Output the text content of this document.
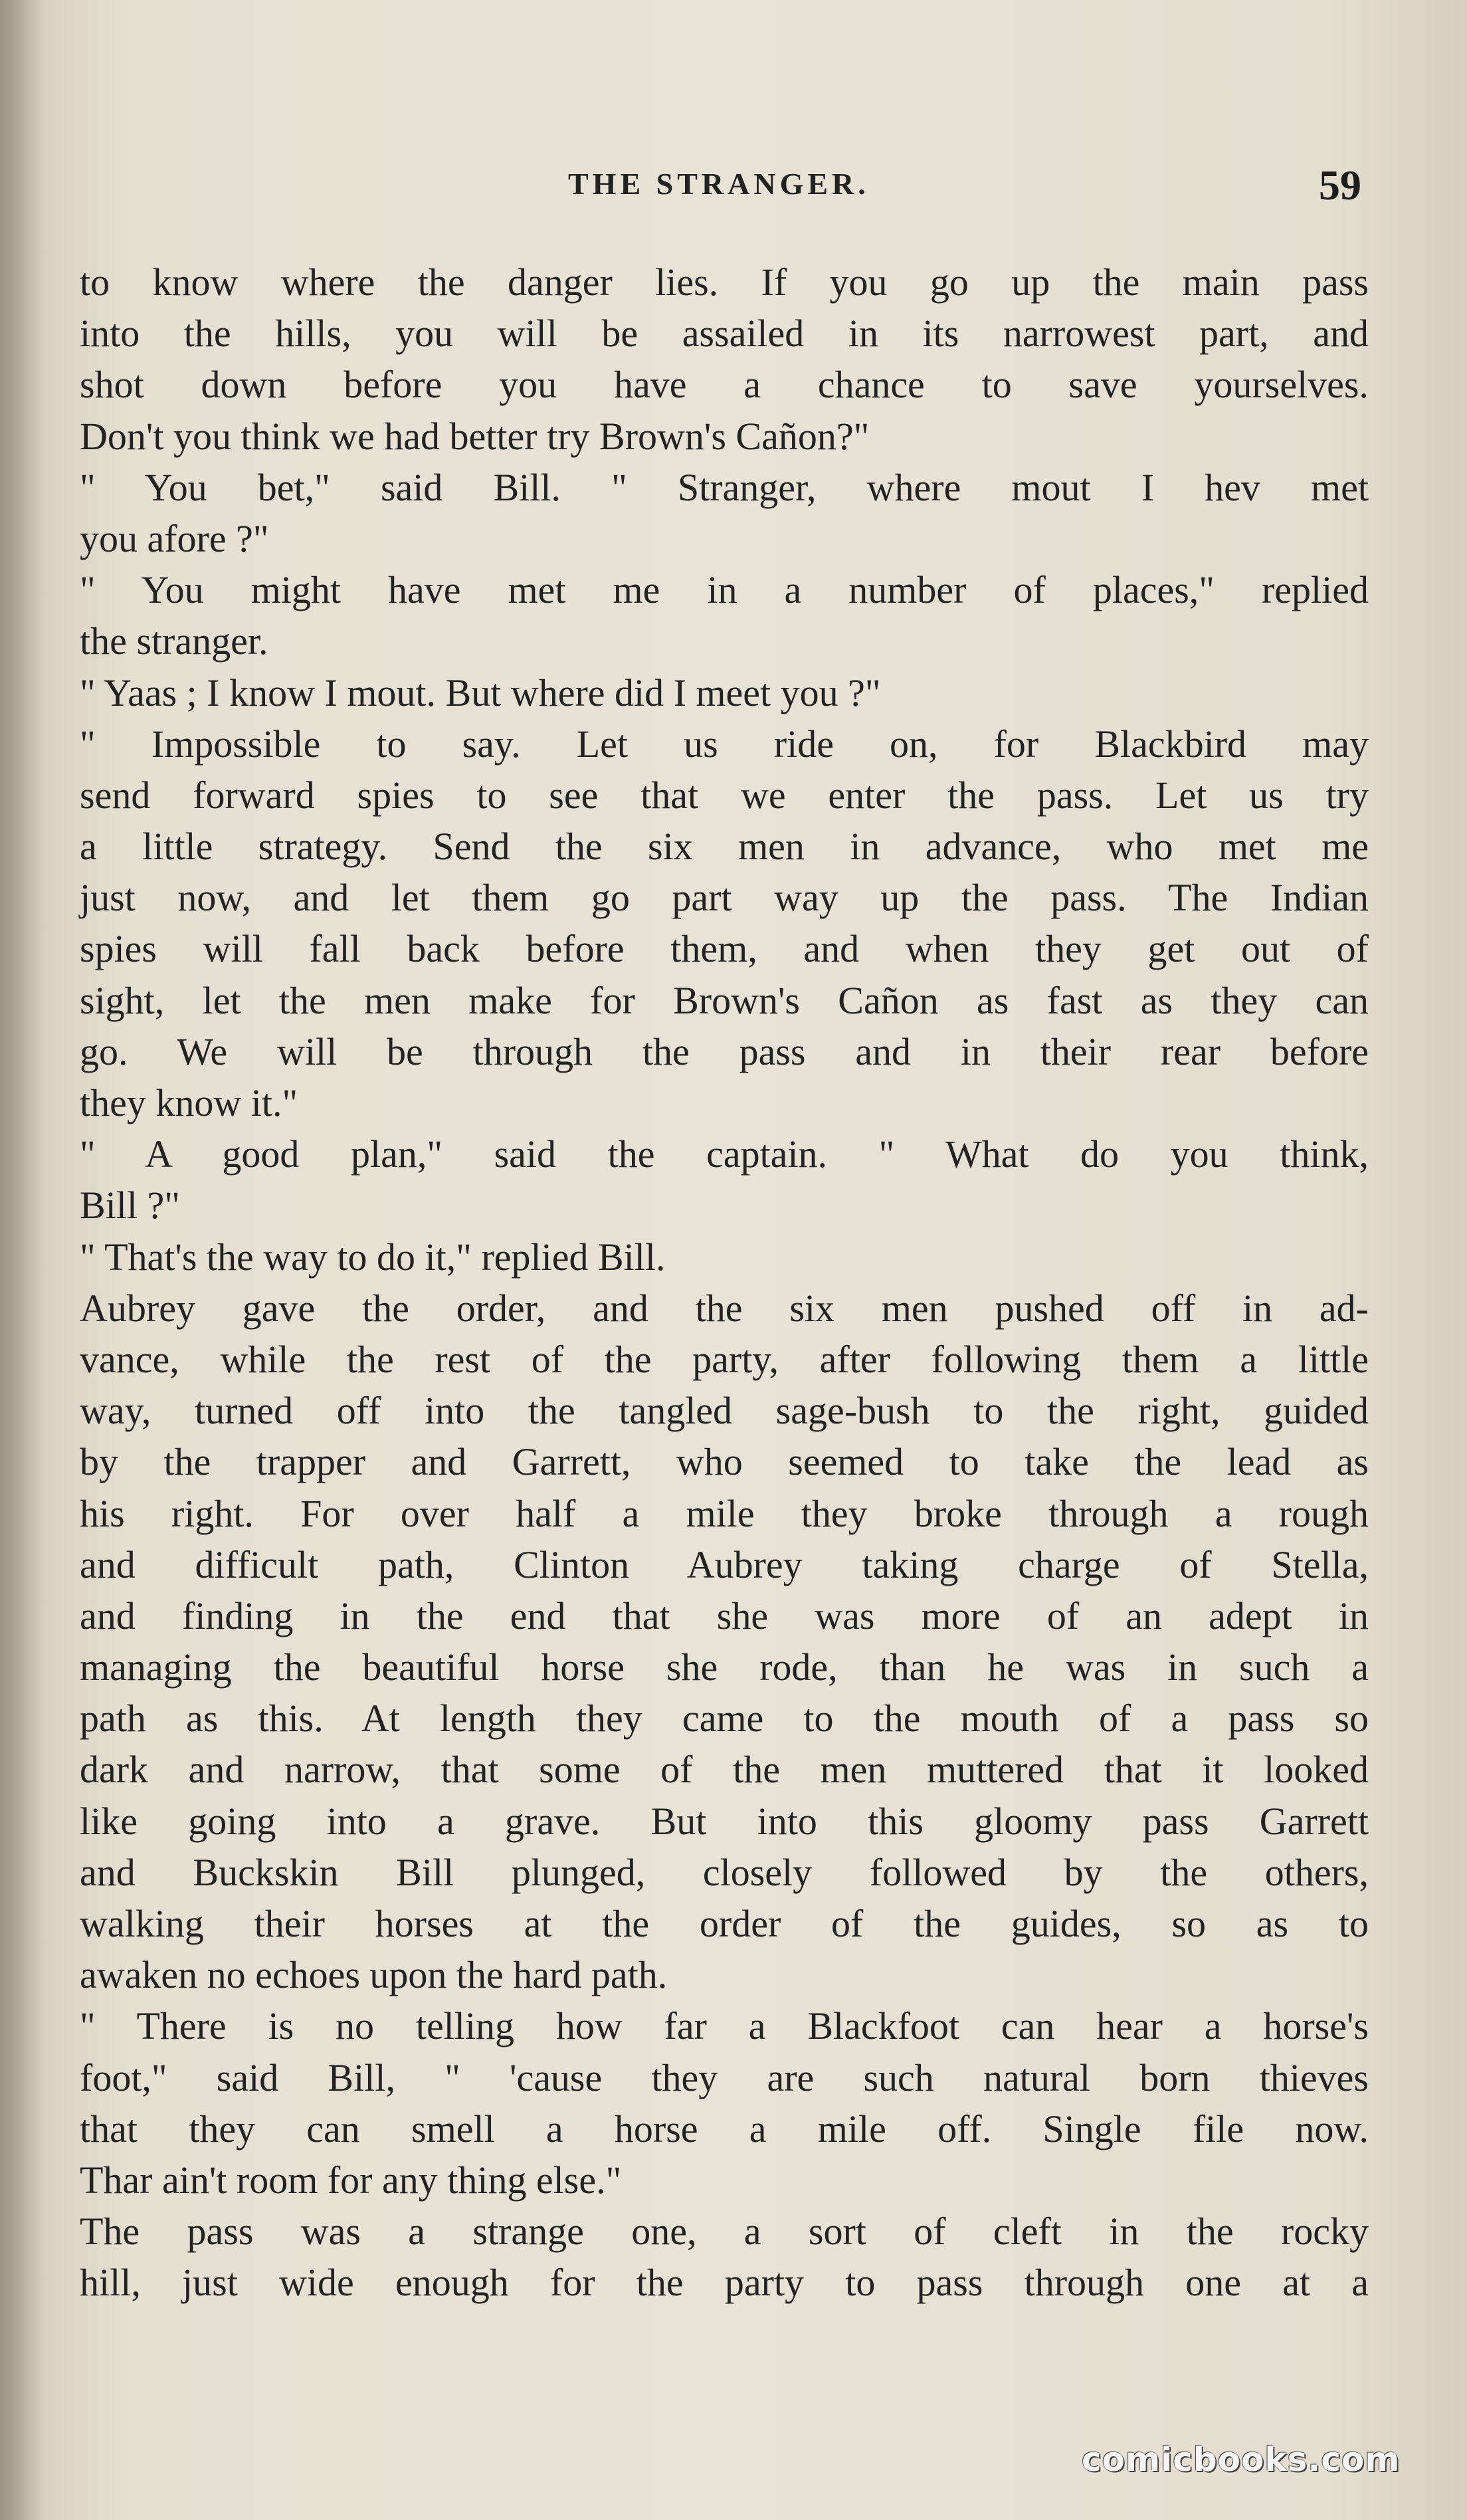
THE STRANGER.	59
to know where the danger lies. If you go up the main pass
into the hills, you will be assailed in its narrowest part, and
shot down before you have a chance to save yourselves.
Don't you think we had better try Brown's Cañon?"
" You bet," said Bill. " Stranger, where mout I hev met
you afore ?"
" You might have met me in a number of places," replied
the stranger.
" Yaas ; I know I mout. But where did I meet you ?"
" Impossible to say. Let us ride on, for Blackbird may
send forward spies to see that we enter the pass. Let us try
a little strategy. Send the six men in advance, who met me
just now, and let them go part way up the pass. The Indian
spies will fall back before them, and when they get out of
sight, let the men make for Brown's Cañon as fast as they can
go. We will be through the pass and in their rear before
they know it."
" A good plan," said the captain. " What do you think,
Bill ?"
" That's the way to do it," replied Bill.
Aubrey gave the order, and the six men pushed off in ad-
vance, while the rest of the party, after following them a little
way, turned off into the tangled sage-bush to the right, guided
by the trapper and Garrett, who seemed to take the lead as
his right. For over half a mile they broke through a rough
and difficult path, Clinton Aubrey taking charge of Stella,
and finding in the end that she was more of an adept in
managing the beautiful horse she rode, than he was in such a
path as this. At length they came to the mouth of a pass so
dark and narrow, that some of the men muttered that it looked
like going into a grave. But into this gloomy pass Garrett
and Buckskin Bill plunged, closely followed by the others,
walking their horses at the order of the guides, so as to
awaken no echoes upon the hard path.
" There is no telling how far a Blackfoot can hear a horse's
foot," said Bill, " 'cause they are such natural born thieves
that they can smell a horse a mile off. Single file now.
Thar ain't room for any thing else."
The pass was a strange one, a sort of cleft in the rocky
hill, just wide enough for the party to pass through one at a
comicbooks.com
